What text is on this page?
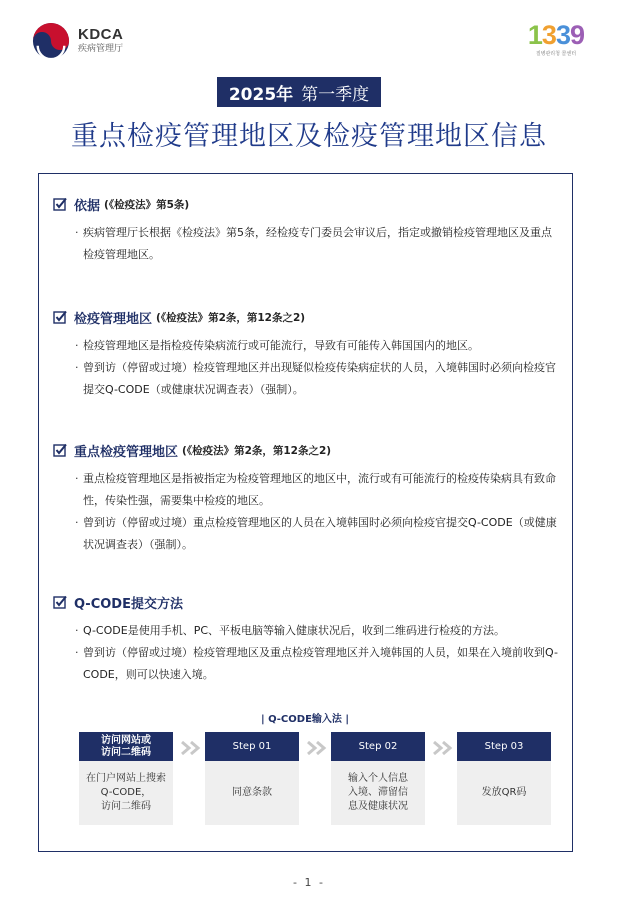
KDCA
疾病管理厅	1339
질병관리청 콜센터
2025年 第一季度
重点检疫管理地区及检疫管理地区信息
依据 (《检疫法》第5条)
· 疾病管理厅长根据《检疫法》第5条，经检疫专门委员会审议后，指定或撤销检疫管理地区及重点检疫管理地区。
检疫管理地区 (《检疫法》第2条，第12条之2)
· 检疫管理地区是指检疫传染病流行或可能流行，导致有可能传入韩国国内的地区。
· 曾到访（停留或过境）检疫管理地区并出现疑似检疫传染病症状的人员，入境韩国时必须向检疫官提交Q-CODE（或健康状况调查表）（强制）。
重点检疫管理地区 (《检疫法》第2条，第12条之2)
· 重点检疫管理地区是指被指定为检疫管理地区的地区中，流行或有可能流行的检疫传染病具有致命性，传染性强，需要集中检疫的地区。
· 曾到访（停留或过境）重点检疫管理地区的人员在入境韩国时必须向检疫官提交Q-CODE（或健康状况调查表）（强制）。
Q-CODE提交方法
· Q-CODE是使用手机、PC、平板电脑等输入健康状况后，收到二维码进行检疫的方法。
· 曾到访（停留或过境）检疫管理地区及重点检疫管理地区并入境韩国的人员，如果在入境前收到Q-CODE，则可以快速入境。
| Q-CODE输入法 |
访问网站或
访问二维码
在门户网站上搜索
Q-CODE，
访问二维码
Step 01
同意条款
Step 02
输入个人信息
入境、滞留信
息及健康状况
Step 03
发放QR码
- 1 -
